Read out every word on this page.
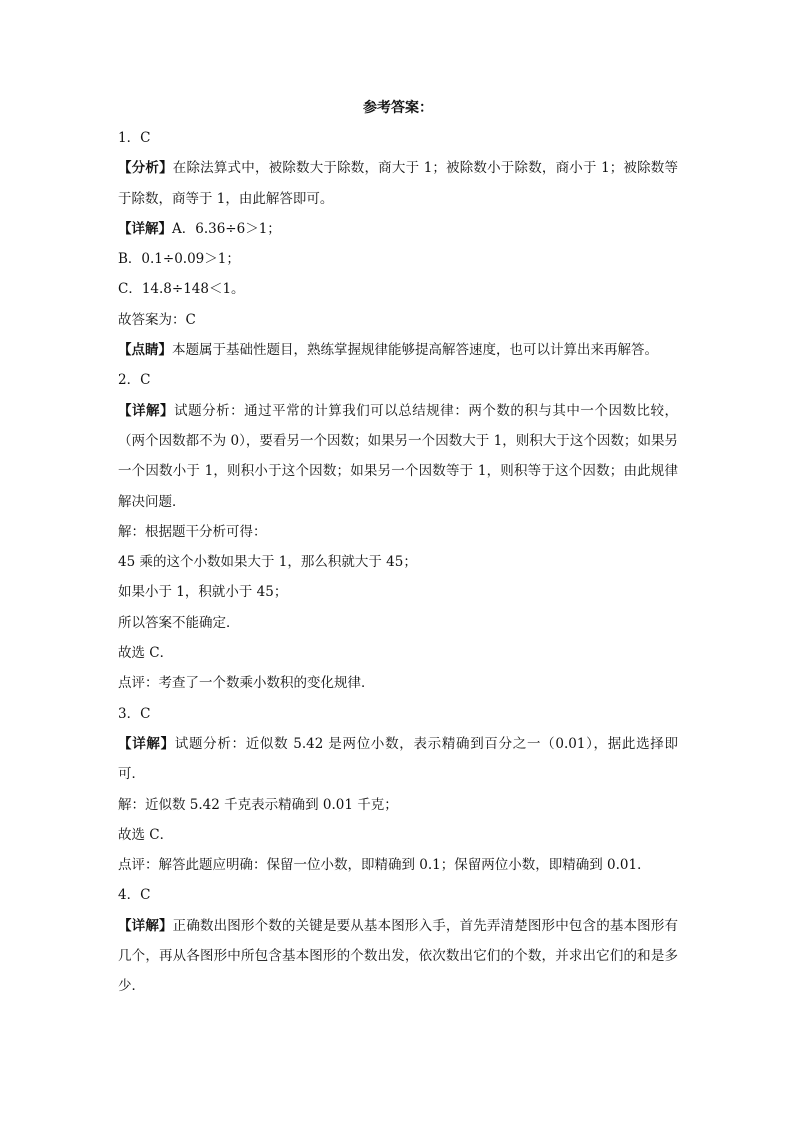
参考答案：
1．C
【分析】在除法算式中，被除数大于除数，商大于 1；被除数小于除数，商小于 1；被除数等于除数，商等于 1，由此解答即可。
【详解】A．6.36÷6＞1；
B．0.1÷0.09＞1；
C．14.8÷148＜1。
故答案为：C
【点睛】本题属于基础性题目，熟练掌握规律能够提高解答速度，也可以计算出来再解答。
2．C
【详解】试题分析：通过平常的计算我们可以总结规律：两个数的积与其中一个因数比较，（两个因数都不为 0），要看另一个因数；如果另一个因数大于 1，则积大于这个因数；如果另一个因数小于 1，则积小于这个因数；如果另一个因数等于 1，则积等于这个因数；由此规律解决问题．
解：根据题干分析可得：
45 乘的这个小数如果大于 1，那么积就大于 45；
如果小于 1，积就小于 45；
所以答案不能确定．
故选 C．
点评：考查了一个数乘小数积的变化规律．
3．C
【详解】试题分析：近似数 5.42 是两位小数，表示精确到百分之一（0.01），据此选择即可．
解：近似数 5.42 千克表示精确到 0.01 千克；
故选 C．
点评：解答此题应明确：保留一位小数，即精确到 0.1；保留两位小数，即精确到 0.01．
4．C
【详解】正确数出图形个数的关键是要从基本图形入手，首先弄清楚图形中包含的基本图形有几个，再从各图形中所包含基本图形的个数出发，依次数出它们的个数，并求出它们的和是多少．
